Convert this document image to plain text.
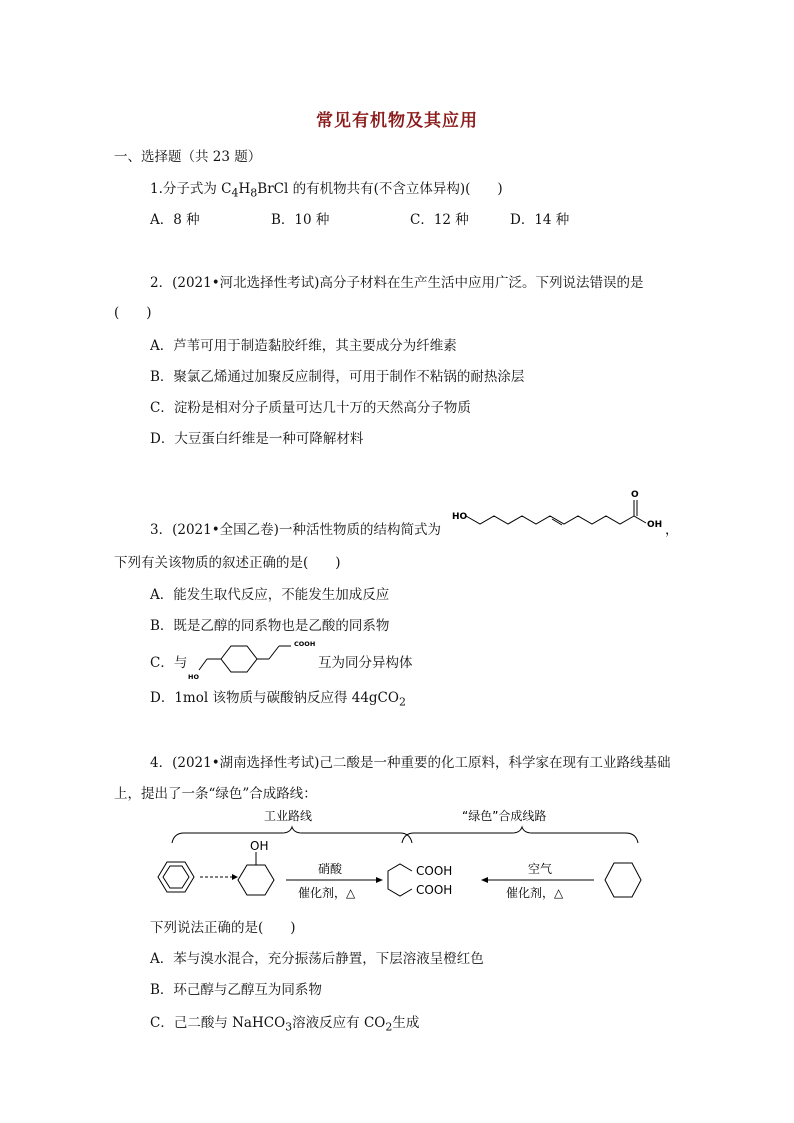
常见有机物及其应用
一、选择题（共 23 题）
1.分子式为 $C_4H_8BrCl$ 的有机物共有(不含立体异构)(　　)
A．8 种	B．10 种	C．12 种	D．14 种
2．(2021•河北选择性考试)高分子材料在生产生活中应用广泛。下列说法错误的是
(　　)
A．芦苇可用于制造黏胶纤维，其主要成分为纤维素
B．聚氯乙烯通过加聚反应制得，可用于制作不粘锅的耐热涂层
C．淀粉是相对分子质量可达几十万的天然高分子物质
D．大豆蛋白纤维是一种可降解材料
3．(2021•全国乙卷)一种活性物质的结构简式为
HO
O
OH ，
下列有关该物质的叙述正确的是(　　)
A．能发生取代反应，不能发生加成反应
B．既是乙醇的同系物也是乙酸的同系物
C．与
HO
COOH
互为同分异构体
D．1mol 该物质与碳酸钠反应得 44gCO$_2$
4．(2021•湖南选择性考试)己二酸是一种重要的化工原料，科学家在现有工业路线基础
上，提出了一条“绿色”合成路线：
工业路线	“绿色”合成线路
OH
硝酸
催化剂，△
COOH
COOH
空气
催化剂，△
下列说法正确的是(　　)
A．苯与溴水混合，充分振荡后静置，下层溶液呈橙红色
B．环己醇与乙醇互为同系物
C．己二酸与 NaHCO$_3$溶液反应有 $CO_2$生成
